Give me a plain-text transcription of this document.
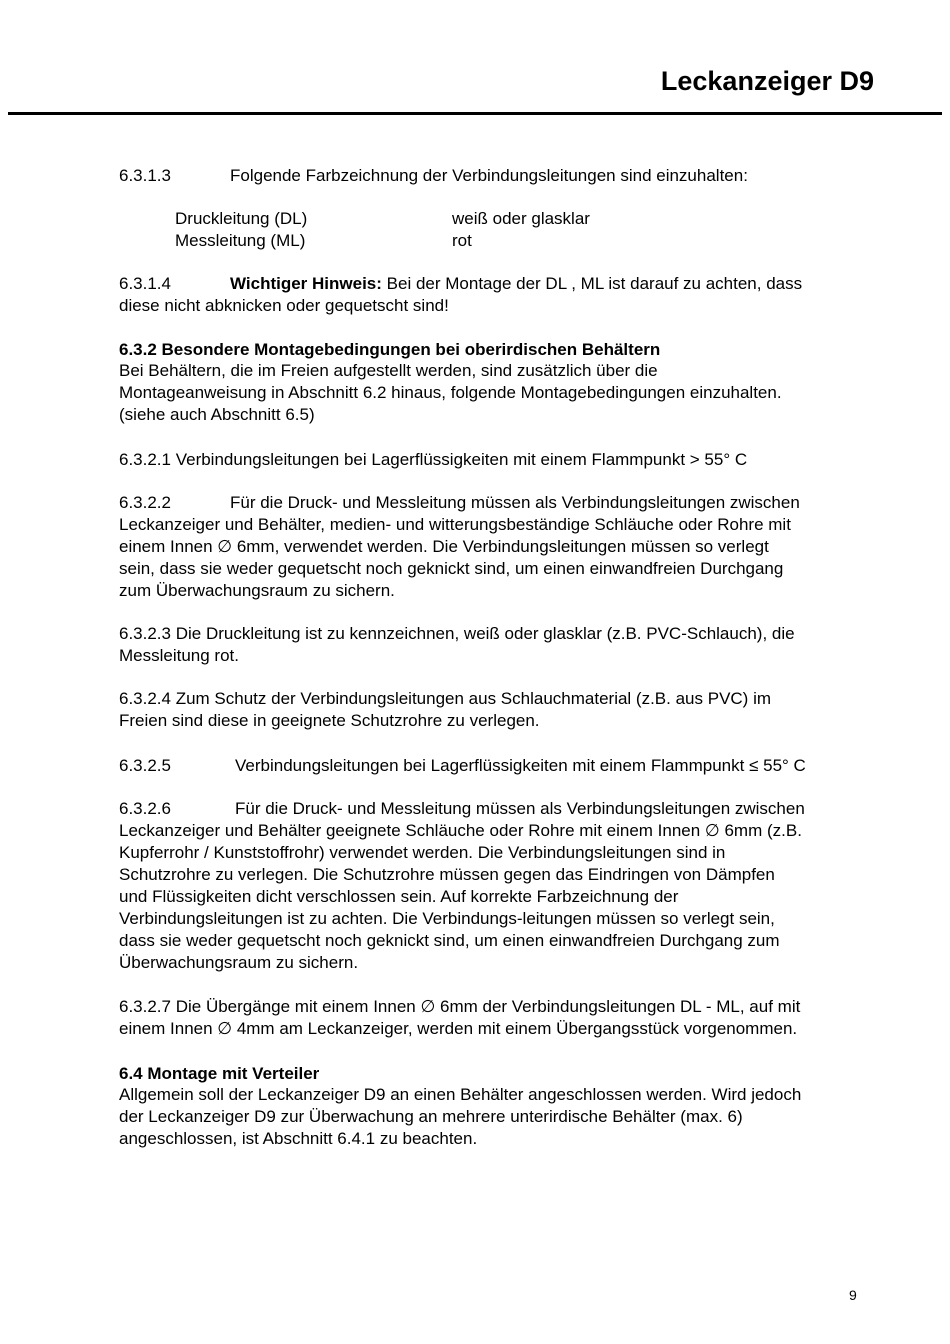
Leckanzeiger D9
6.3.1.3	Folgende Farbzeichnung der Verbindungsleitungen sind einzuhalten:
Druckleitung (DL)	weiß oder glasklar
Messleitung (ML)	rot
6.3.1.4	Wichtiger Hinweis: Bei der Montage der DL , ML ist darauf zu achten, dass
diese nicht abknicken oder gequetscht sind!
6.3.2 Besondere Montagebedingungen bei oberirdischen Behältern
Bei Behältern, die im Freien aufgestellt werden, sind zusätzlich über die
Montageanweisung in Abschnitt 6.2 hinaus, folgende Montagebedingungen einzuhalten.
(siehe auch Abschnitt 6.5)
6.3.2.1 Verbindungsleitungen bei Lagerflüssigkeiten mit einem Flammpunkt > 55° C
6.3.2.2	Für die Druck- und Messleitung müssen als Verbindungsleitungen zwischen
Leckanzeiger und Behälter, medien- und witterungsbeständige Schläuche oder Rohre mit
einem Innen ∅ 6mm, verwendet werden. Die Verbindungsleitungen müssen so verlegt
sein, dass sie weder gequetscht noch geknickt sind, um einen einwandfreien Durchgang
zum Überwachungsraum zu sichern.
6.3.2.3 Die Druckleitung ist zu kennzeichnen, weiß oder glasklar (z.B. PVC-Schlauch), die
Messleitung rot.
6.3.2.4 Zum Schutz der Verbindungsleitungen aus Schlauchmaterial (z.B. aus PVC) im
Freien sind diese in geeignete Schutzrohre zu verlegen.
6.3.2.5	Verbindungsleitungen bei Lagerflüssigkeiten mit einem Flammpunkt ≤ 55° C
6.3.2.6	Für die Druck- und Messleitung müssen als Verbindungsleitungen zwischen
Leckanzeiger und Behälter geeignete Schläuche oder Rohre mit einem Innen ∅ 6mm (z.B.
Kupferrohr / Kunststoffrohr) verwendet werden. Die Verbindungsleitungen sind in
Schutzrohre zu verlegen. Die Schutzrohre müssen gegen das Eindringen von Dämpfen
und Flüssigkeiten dicht verschlossen sein. Auf korrekte Farbzeichnung der
Verbindungsleitungen ist zu achten. Die Verbindungs-leitungen müssen so verlegt sein,
dass sie weder gequetscht noch geknickt sind, um einen einwandfreien Durchgang zum
Überwachungsraum zu sichern.
6.3.2.7 Die Übergänge mit einem Innen ∅ 6mm der Verbindungsleitungen DL - ML, auf mit
einem Innen ∅ 4mm am Leckanzeiger, werden mit einem Übergangsstück vorgenommen.
6.4 Montage mit Verteiler
Allgemein soll der Leckanzeiger D9 an einen Behälter angeschlossen werden. Wird jedoch
der Leckanzeiger D9 zur Überwachung an mehrere unterirdische Behälter (max. 6)
angeschlossen, ist Abschnitt 6.4.1 zu beachten.
9
